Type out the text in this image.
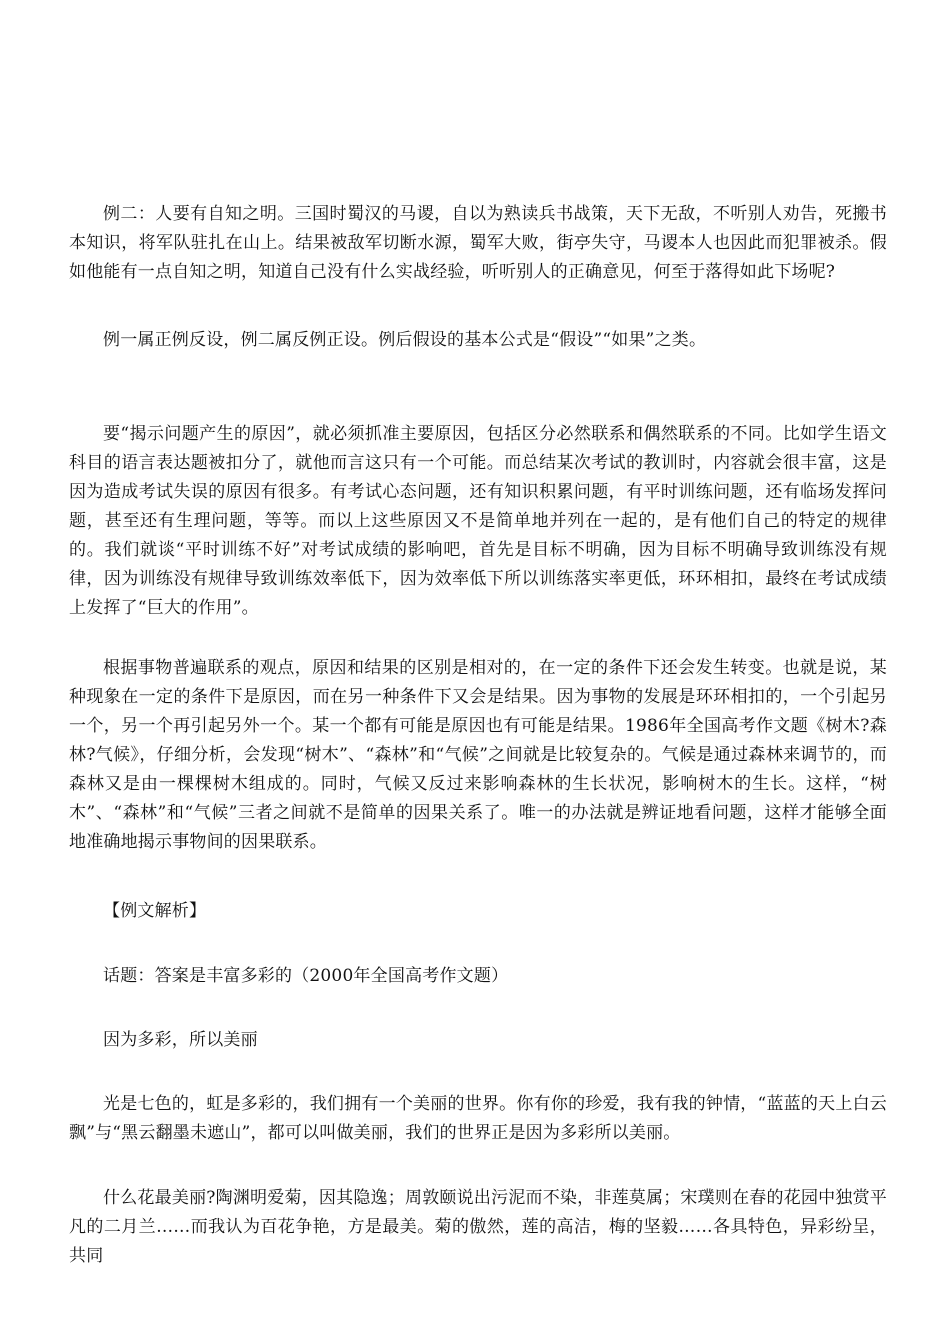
例二：人要有自知之明。三国时蜀汉的马谡，自以为熟读兵书战策，天下无敌，不听别人劝告，死搬书本知识，将军队驻扎在山上。结果被敌军切断水源，蜀军大败，街亭失守，马谡本人也因此而犯罪被杀。假如他能有一点自知之明，知道自己没有什么实战经验，听听别人的正确意见，何至于落得如此下场呢?

例一属正例反设，例二属反例正设。例后假设的基本公式是“假设”“如果”之类。

要“揭示问题产生的原因”，就必须抓准主要原因，包括区分必然联系和偶然联系的不同。比如学生语文科目的语言表达题被扣分了，就他而言这只有一个可能。而总结某次考试的教训时，内容就会很丰富，这是因为造成考试失误的原因有很多。有考试心态问题，还有知识积累问题，有平时训练问题，还有临场发挥问题，甚至还有生理问题，等等。而以上这些原因又不是简单地并列在一起的，是有他们自己的特定的规律的。我们就谈“平时训练不好”对考试成绩的影响吧，首先是目标不明确，因为目标不明确导致训练没有规律，因为训练没有规律导致训练效率低下，因为效率低下所以训练落实率更低，环环相扣，最终在考试成绩上发挥了“巨大的作用”。

根据事物普遍联系的观点，原因和结果的区别是相对的，在一定的条件下还会发生转变。也就是说，某种现象在一定的条件下是原因，而在另一种条件下又会是结果。因为事物的发展是环环相扣的，一个引起另一个，另一个再引起另外一个。某一个都有可能是原因也有可能是结果。1986年全国高考作文题《树木?森林?气候》，仔细分析，会发现“树木”、“森林”和“气候”之间就是比较复杂的。气候是通过森林来调节的，而森林又是由一棵棵树木组成的。同时，气候又反过来影响森林的生长状况，影响树木的生长。这样，“树木”、“森林”和“气候”三者之间就不是简单的因果关系了。唯一的办法就是辨证地看问题，这样才能够全面地准确地揭示事物间的因果联系。

【例文解析】

话题：答案是丰富多彩的（2000年全国高考作文题）

因为多彩，所以美丽

光是七色的，虹是多彩的，我们拥有一个美丽的世界。你有你的珍爱，我有我的钟情，“蓝蓝的天上白云飘”与“黑云翻墨未遮山”，都可以叫做美丽，我们的世界正是因为多彩所以美丽。

什么花最美丽?陶渊明爱菊，因其隐逸；周敦颐说出污泥而不染，非莲莫属；宋璞则在春的花园中独赏平凡的二月兰……而我认为百花争艳，方是最美。菊的傲然，莲的高洁，梅的坚毅……各具特色，异彩纷呈，共同
